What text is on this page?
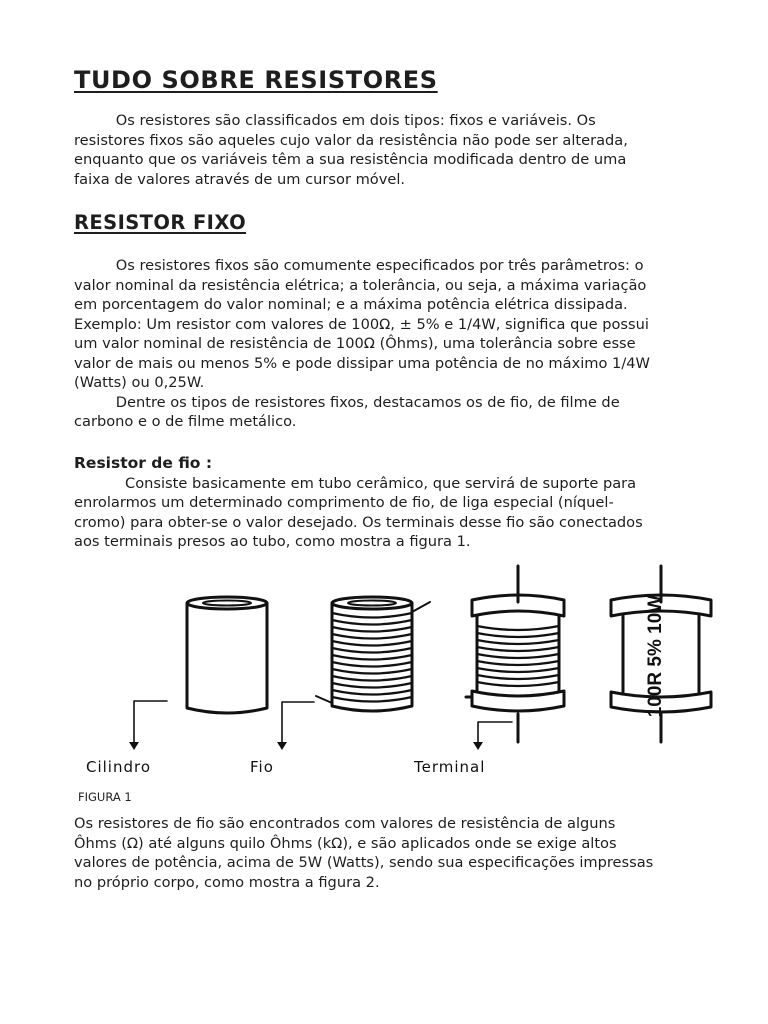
TUDO SOBRE RESISTORES

Os resistores são classificados em dois tipos: fixos e variáveis. Os

resistores fixos são aqueles cujo valor da resistência não pode ser alterada,

enquanto que os variáveis têm a sua resistência modificada dentro de uma

faixa de valores através de um cursor móvel.

RESISTOR FIXO

Os resistores fixos são comumente especificados por três parâmetros: o

valor nominal da resistência elétrica; a tolerância, ou seja, a máxima variação

em porcentagem do valor nominal; e a máxima potência elétrica dissipada.

Exemplo: Um resistor com valores de 100Ω, ± 5% e 1/4W, significa que possui

um valor nominal de resistência de 100Ω (Ôhms), uma tolerância sobre esse

valor de mais ou menos 5% e pode dissipar uma potência de no máximo 1/4W

(Watts) ou 0,25W.

Dentre os tipos de resistores fixos, destacamos os de fio, de filme de

carbono e o de filme metálico.

Resistor de fio :

Consiste basicamente em tubo cerâmico, que servirá de suporte para

enrolarmos um determinado comprimento de fio, de liga especial (níquel-

cromo) para obter-se o valor desejado. Os terminais desse fio são conectados

aos terminais presos ao tubo, como mostra a figura 1.

FIGURA 1

Os resistores de fio são encontrados com valores de resistência de alguns

Ôhms (Ω) até alguns quilo Ôhms (kΩ), e são aplicados onde se exige altos

valores de potência, acima de 5W (Watts), sendo sua especificações impressas

no próprio corpo, como mostra a figura 2.

100R 5% 10W
Cilindro	Fio	Terminal
